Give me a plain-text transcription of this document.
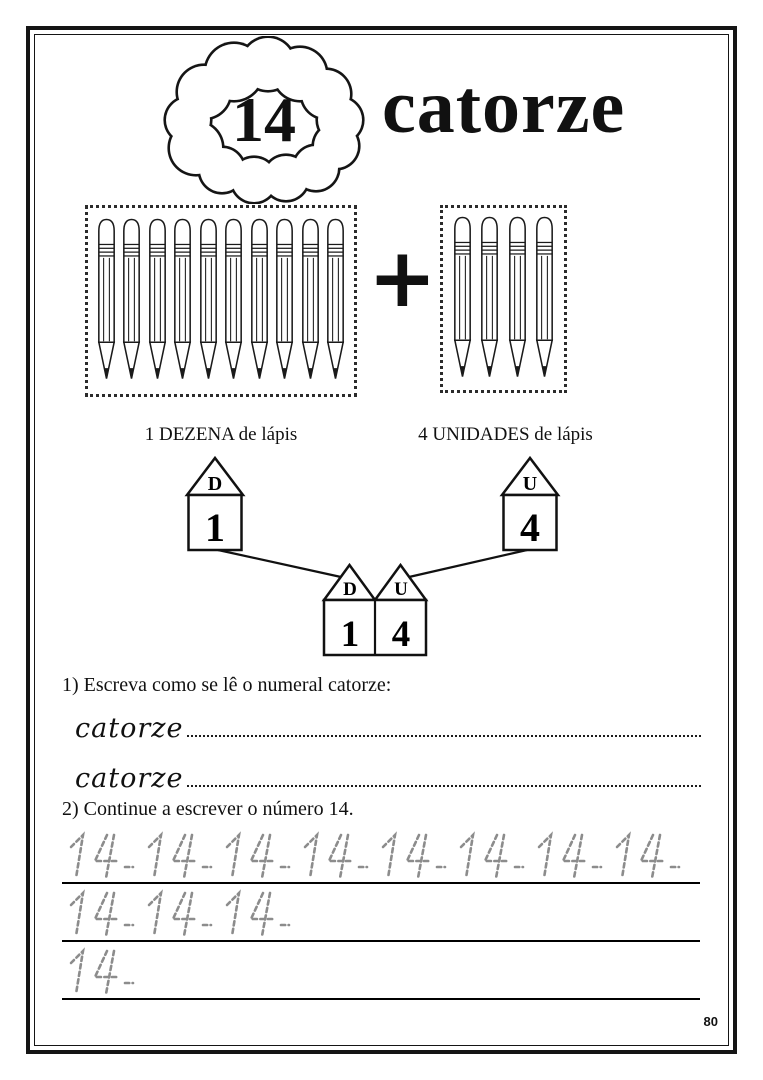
14	catorze
+
1 DEZENA de lápis	4 UNIDADES de lápis
D
1
U
4
D U
1 4
1) Escreva como se lê o numeral catorze:
catorze
catorze
2) Continue a escrever o número 14.
80
